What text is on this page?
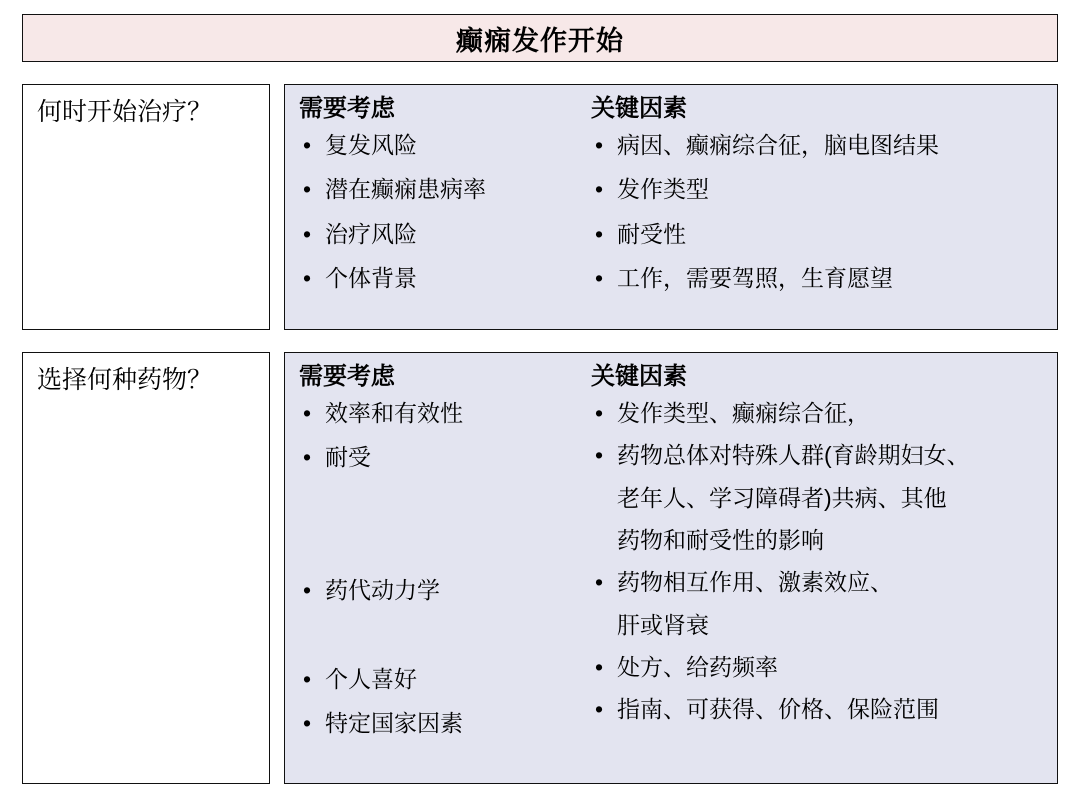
癫痫发作开始
何时开始治疗？	需要考虑
• 复发风险
• 潜在癫痫患病率
• 治疗风险
• 个体背景
关键因素
• 病因、癫痫综合征，脑电图结果
• 发作类型
• 耐受性
• 工作，需要驾照，生育愿望
选择何种药物？	需要考虑
• 效率和有效性
• 耐受
• 药代动力学
• 个人喜好
• 特定国家因素
关键因素
• 发作类型、癫痫综合征，
• 药物总体对特殊人群(育龄期妇女、
老年人、学习障碍者)共病、其他
药物和耐受性的影响
• 药物相互作用、激素效应、
肝或肾衰
• 处方、给药频率
• 指南、可获得、价格、保险范围
